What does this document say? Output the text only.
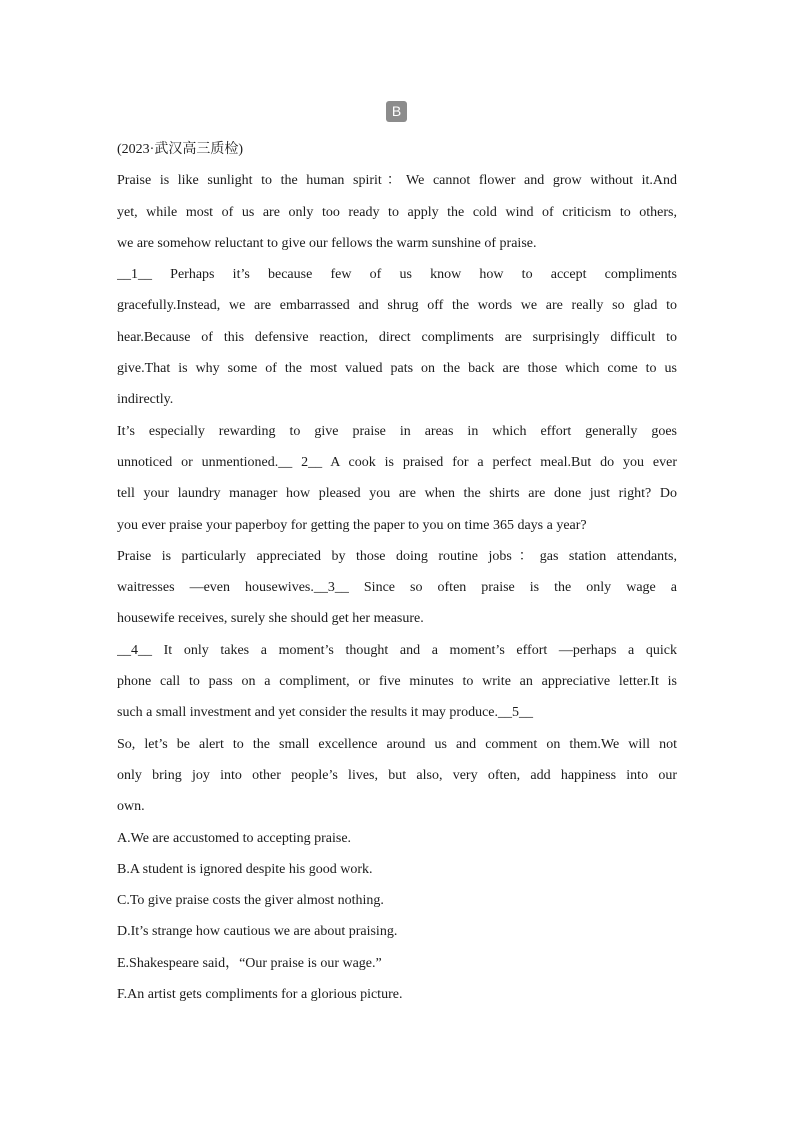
B
(2023·武汉高三质检)
Praise is like sunlight to the human spirit：We cannot flower and grow without it.And
yet, while most of us are only too ready to apply the cold wind of criticism to others,
we are somehow reluctant to give our fellows the warm sunshine of praise.
__1__ Perhaps it’s because few of us know how to accept compliments
gracefully.Instead, we are embarrassed and shrug off the words we are really so glad to
hear.Because of this defensive reaction, direct compliments are surprisingly difficult to
give.That is why some of the most valued pats on the back are those which come to us
indirectly.
It’s especially rewarding to give praise in areas in which effort generally goes
unnoticed or unmentioned.__ 2__ A cook is praised for a perfect meal.But do you ever
tell your laundry manager how pleased you are when the shirts are done just right? Do
you ever praise your paperboy for getting the paper to you on time 365 days a year?
Praise is particularly appreciated by those doing routine jobs：gas station attendants,
waitresses —even housewives.__3__ Since so often praise is the only wage a
housewife receives, surely she should get her measure.
__4__ It only takes a moment’s thought and a moment’s effort —perhaps a quick
phone call to pass on a compliment, or five minutes to write an appreciative letter.It is
such a small investment and yet consider the results it may produce.__5__
So, let’s be alert to the small excellence around us and comment on them.We will not
only bring joy into other people’s lives, but also, very often, add happiness into our
own.
A.We are accustomed to accepting praise.
B.A student is ignored despite his good work.
C.To give praise costs the giver almost nothing.
D.It’s strange how cautious we are about praising.
E.Shakespeare said，“Our praise is our wage.”
F.An artist gets compliments for a glorious picture.
